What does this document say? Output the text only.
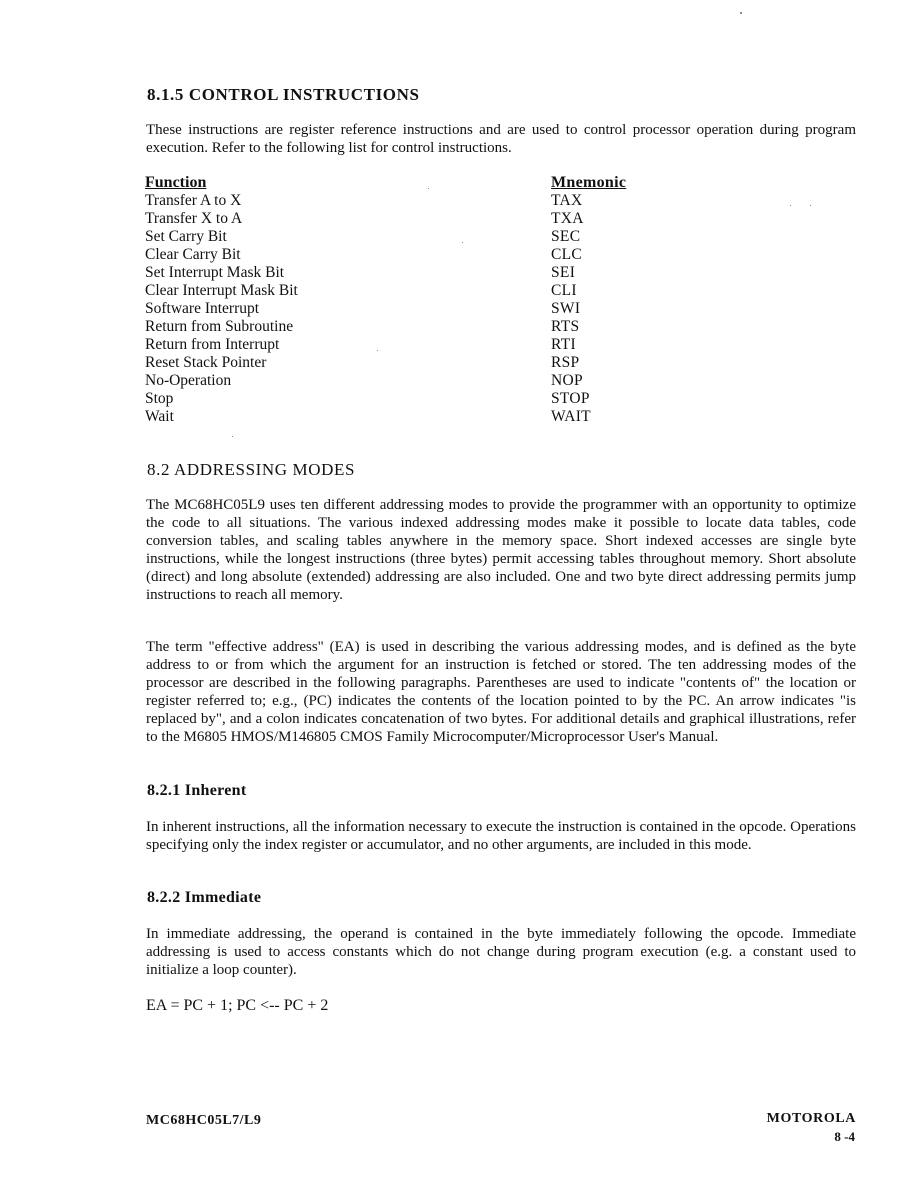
8.1.5 CONTROL INSTRUCTIONS

These instructions are register reference instructions and are used to control processor operation during program execution. Refer to the following list for control instructions.

Function	Mnemonic
Transfer A to X	TAX
Transfer X to A	TXA
Set Carry Bit	SEC
Clear Carry Bit	CLC
Set Interrupt Mask Bit	SEI
Clear Interrupt Mask Bit	CLI
Software Interrupt	SWI
Return from Subroutine	RTS
Return from Interrupt	RTI
Reset Stack Pointer	RSP
No-Operation	NOP
Stop	STOP
Wait	WAIT
8.2 ADDRESSING MODES

The MC68HC05L9 uses ten different addressing modes to provide the programmer with an opportunity to optimize the code to all situations. The various indexed addressing modes make it possible to locate data tables, code conversion tables, and scaling tables anywhere in the memory space. Short indexed accesses are single byte instructions, while the longest instructions (three bytes) permit accessing tables throughout memory. Short absolute (direct) and long absolute (extended) addressing are also included. One and two byte direct addressing permits jump instructions to reach all memory.

The term "effective address" (EA) is used in describing the various addressing modes, and is defined as the byte address to or from which the argument for an instruction is fetched or stored. The ten addressing modes of the processor are described in the following paragraphs. Parentheses are used to indicate "contents of" the location or register referred to; e.g., (PC) indicates the contents of the location pointed to by the PC. An arrow indicates "is replaced by", and a colon indicates concatenation of two bytes. For additional details and graphical illustrations, refer to the M6805 HMOS/M146805 CMOS Family Microcomputer/Microprocessor User's Manual.

8.2.1 Inherent

In inherent instructions, all the information necessary to execute the instruction is contained in the opcode. Operations specifying only the index register or accumulator, and no other arguments, are included in this mode.

8.2.2 Immediate

In immediate addressing, the operand is contained in the byte immediately following the opcode. Immediate addressing is used to access constants which do not change during program execution (e.g. a constant used to initialize a loop counter).

EA = PC + 1; PC <-- PC + 2
MC68HC05L7/L9	MOTOROLA
8 -4
